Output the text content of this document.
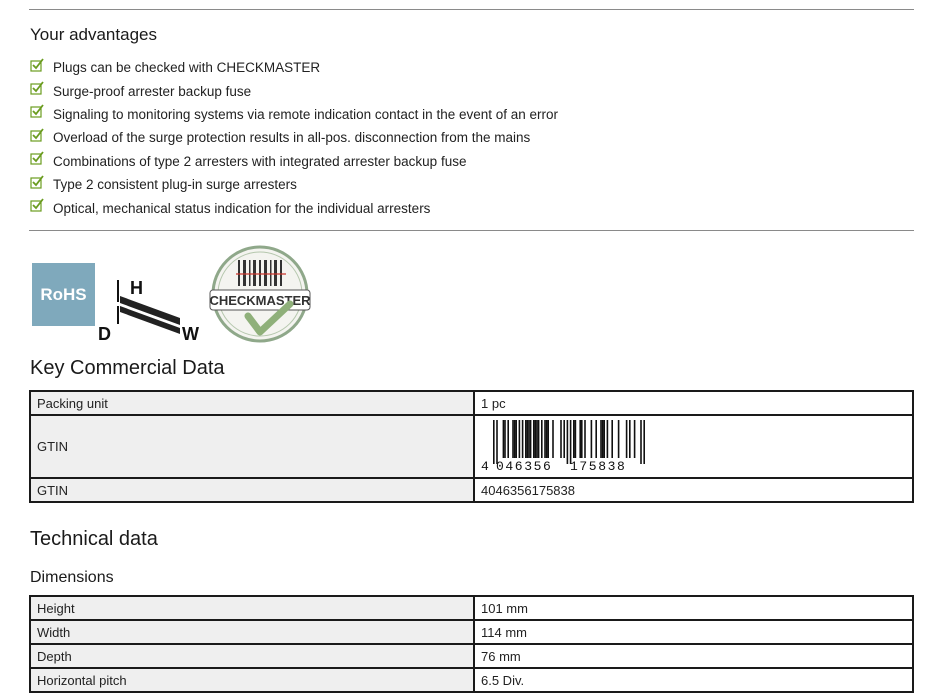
Your advantages
Plugs can be checked with CHECKMASTER
Surge-proof arrester backup fuse
Signaling to monitoring systems via remote indication contact in the event of an error
Overload of the surge protection results in all-pos. disconnection from the mains
Combinations of type 2 arresters with integrated arrester backup fuse
Type 2 consistent plug-in surge arresters
Optical, mechanical status indication for the individual arresters
RoHS H
D	W
CHECKMASTER
Key Commercial Data
Packing unit	1 pc
GTIN	4 046356 175838

GTIN	4046356175838
Technical data
Dimensions
Height	101 mm
Width	114 mm
Depth	76 mm
Horizontal pitch	6.5 Div.
